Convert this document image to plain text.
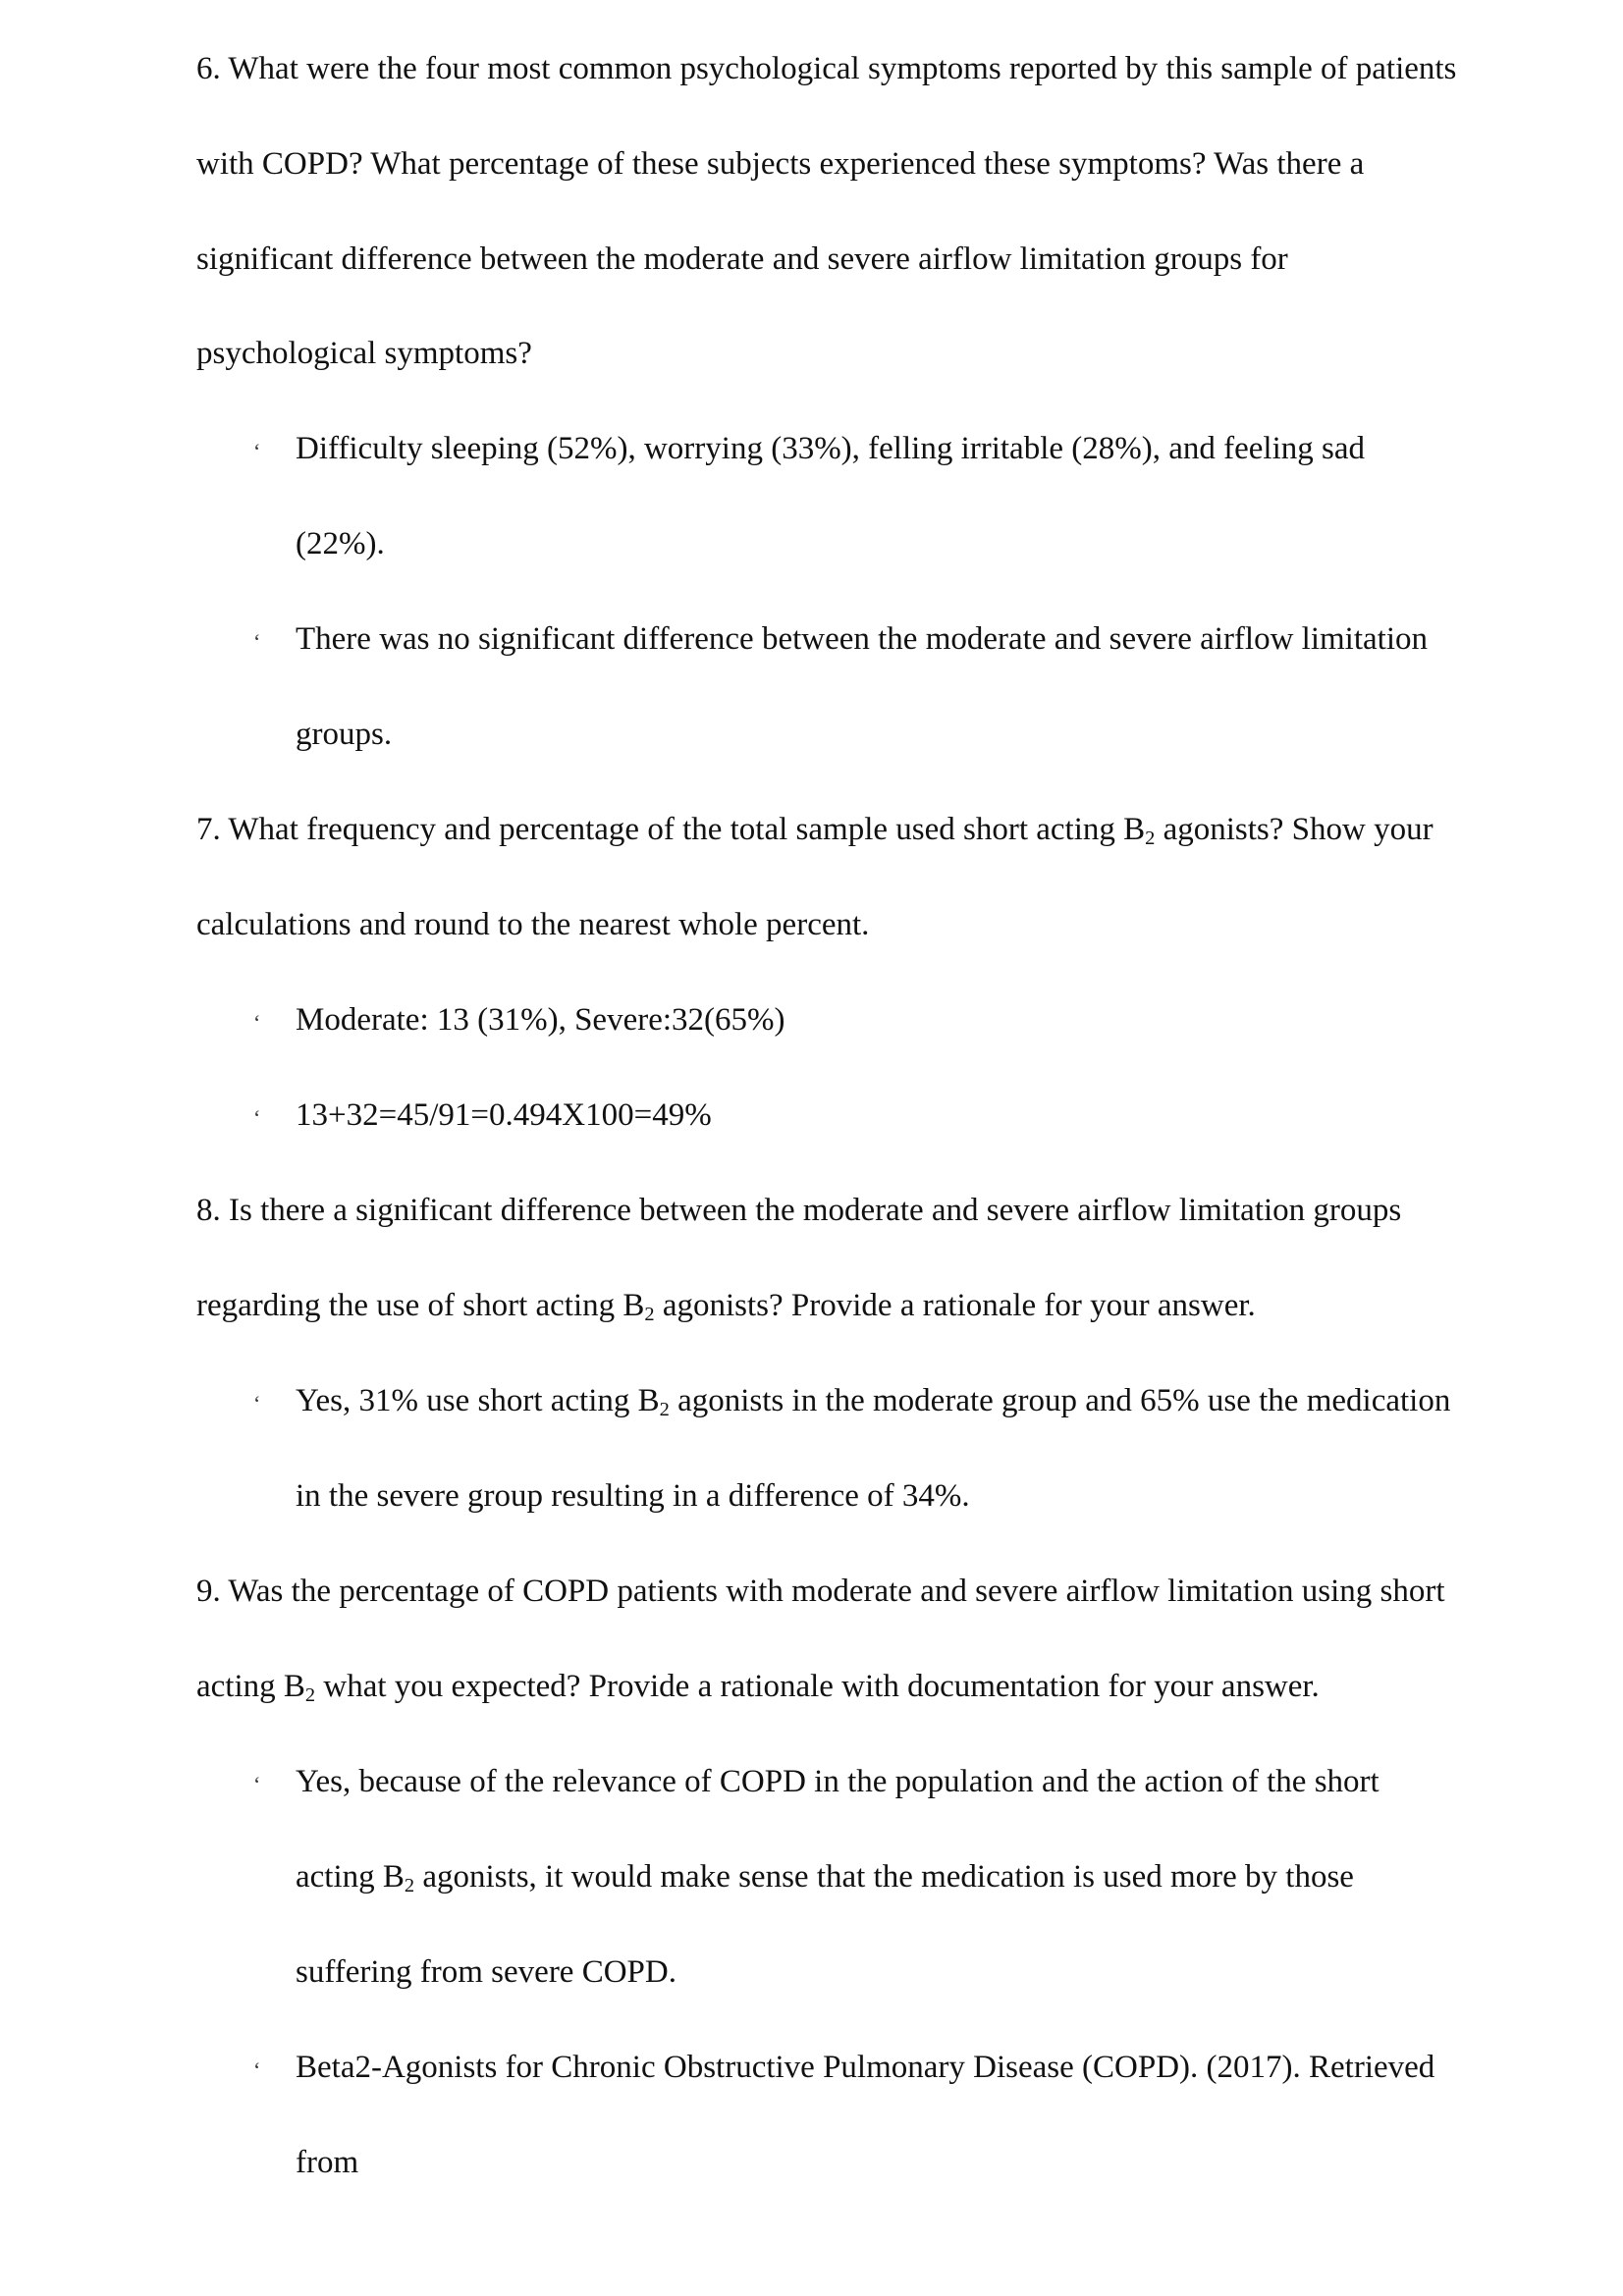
6. What were the four most common psychological symptoms reported by this sample of patients
with COPD? What percentage of these subjects experienced these symptoms? Was there a
significant difference between the moderate and severe airflow limitation groups for
psychological symptoms?
ʻ Difficulty sleeping (52%), worrying (33%), felling irritable (28%), and feeling sad
(22%).
ʻ There was no significant difference between the moderate and severe airflow limitation
groups.
7. What frequency and percentage of the total sample used short acting $B_2$ agonists? Show your
calculations and round to the nearest whole percent.
ʻ Moderate: 13 (31%), Severe:32(65%)
ʻ 13+32=45/91=0.494X100=49%
8. Is there a significant difference between the moderate and severe airflow limitation groups
regarding the use of short acting $B_2$ agonists? Provide a rationale for your answer.
ʻ Yes, 31% use short acting $B_2$ agonists in the moderate group and 65% use the medication
in the severe group resulting in a difference of 34%.
9. Was the percentage of COPD patients with moderate and severe airflow limitation using short
acting $B_2$ what you expected? Provide a rationale with documentation for your answer.
ʻ Yes, because of the relevance of COPD in the population and the action of the short
acting $B_2$ agonists, it would make sense that the medication is used more by those
suffering from severe COPD.
ʻ Beta2-Agonists for Chronic Obstructive Pulmonary Disease (COPD). (2017). Retrieved
from
